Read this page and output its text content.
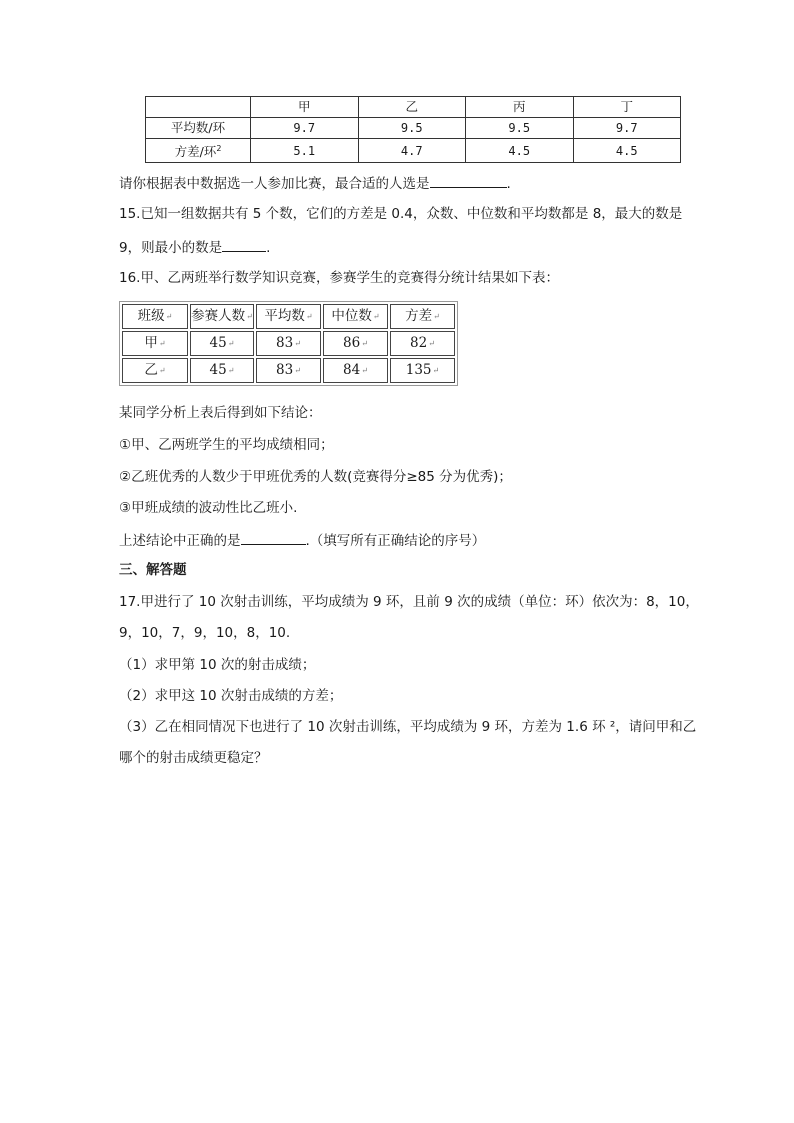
	甲	乙	丙	丁
平均数/环	9.7	9.5	9.5	9.7
方差/环$^2$	5.1	4.7	4.5	4.5
请你根据表中数据选一人参加比赛，最合适的人选是	.
15.已知一组数据共有 5 个数，它们的方差是 0.4，众数、中位数和平均数都是 8，最大的数是
9，则最小的数是	.
16.甲、乙两班举行数学知识竞赛，参赛学生的竞赛得分统计结果如下表：
班级↵	参赛人数↵	平均数↵	中位数↵	方差↵
甲↵	45↵	83↵	86↵	82↵
乙↵	45↵	83↵	84↵	135↵
某同学分析上表后得到如下结论：
①甲、乙两班学生的平均成绩相同；
②乙班优秀的人数少于甲班优秀的人数(竞赛得分≥85 分为优秀)；
③甲班成绩的波动性比乙班小.
上述结论中正确的是	.（填写所有正确结论的序号）
三、解答题
17.甲进行了 10 次射击训练，平均成绩为 9 环，且前 9 次的成绩（单位：环）依次为：8，10，
9，10，7，9，10，8，10.
（1）求甲第 10 次的射击成绩；
（2）求甲这 10 次射击成绩的方差；
（3）乙在相同情况下也进行了 10 次射击训练，平均成绩为 9 环，方差为 1.6 环 ²，请问甲和乙
哪个的射击成绩更稳定？
